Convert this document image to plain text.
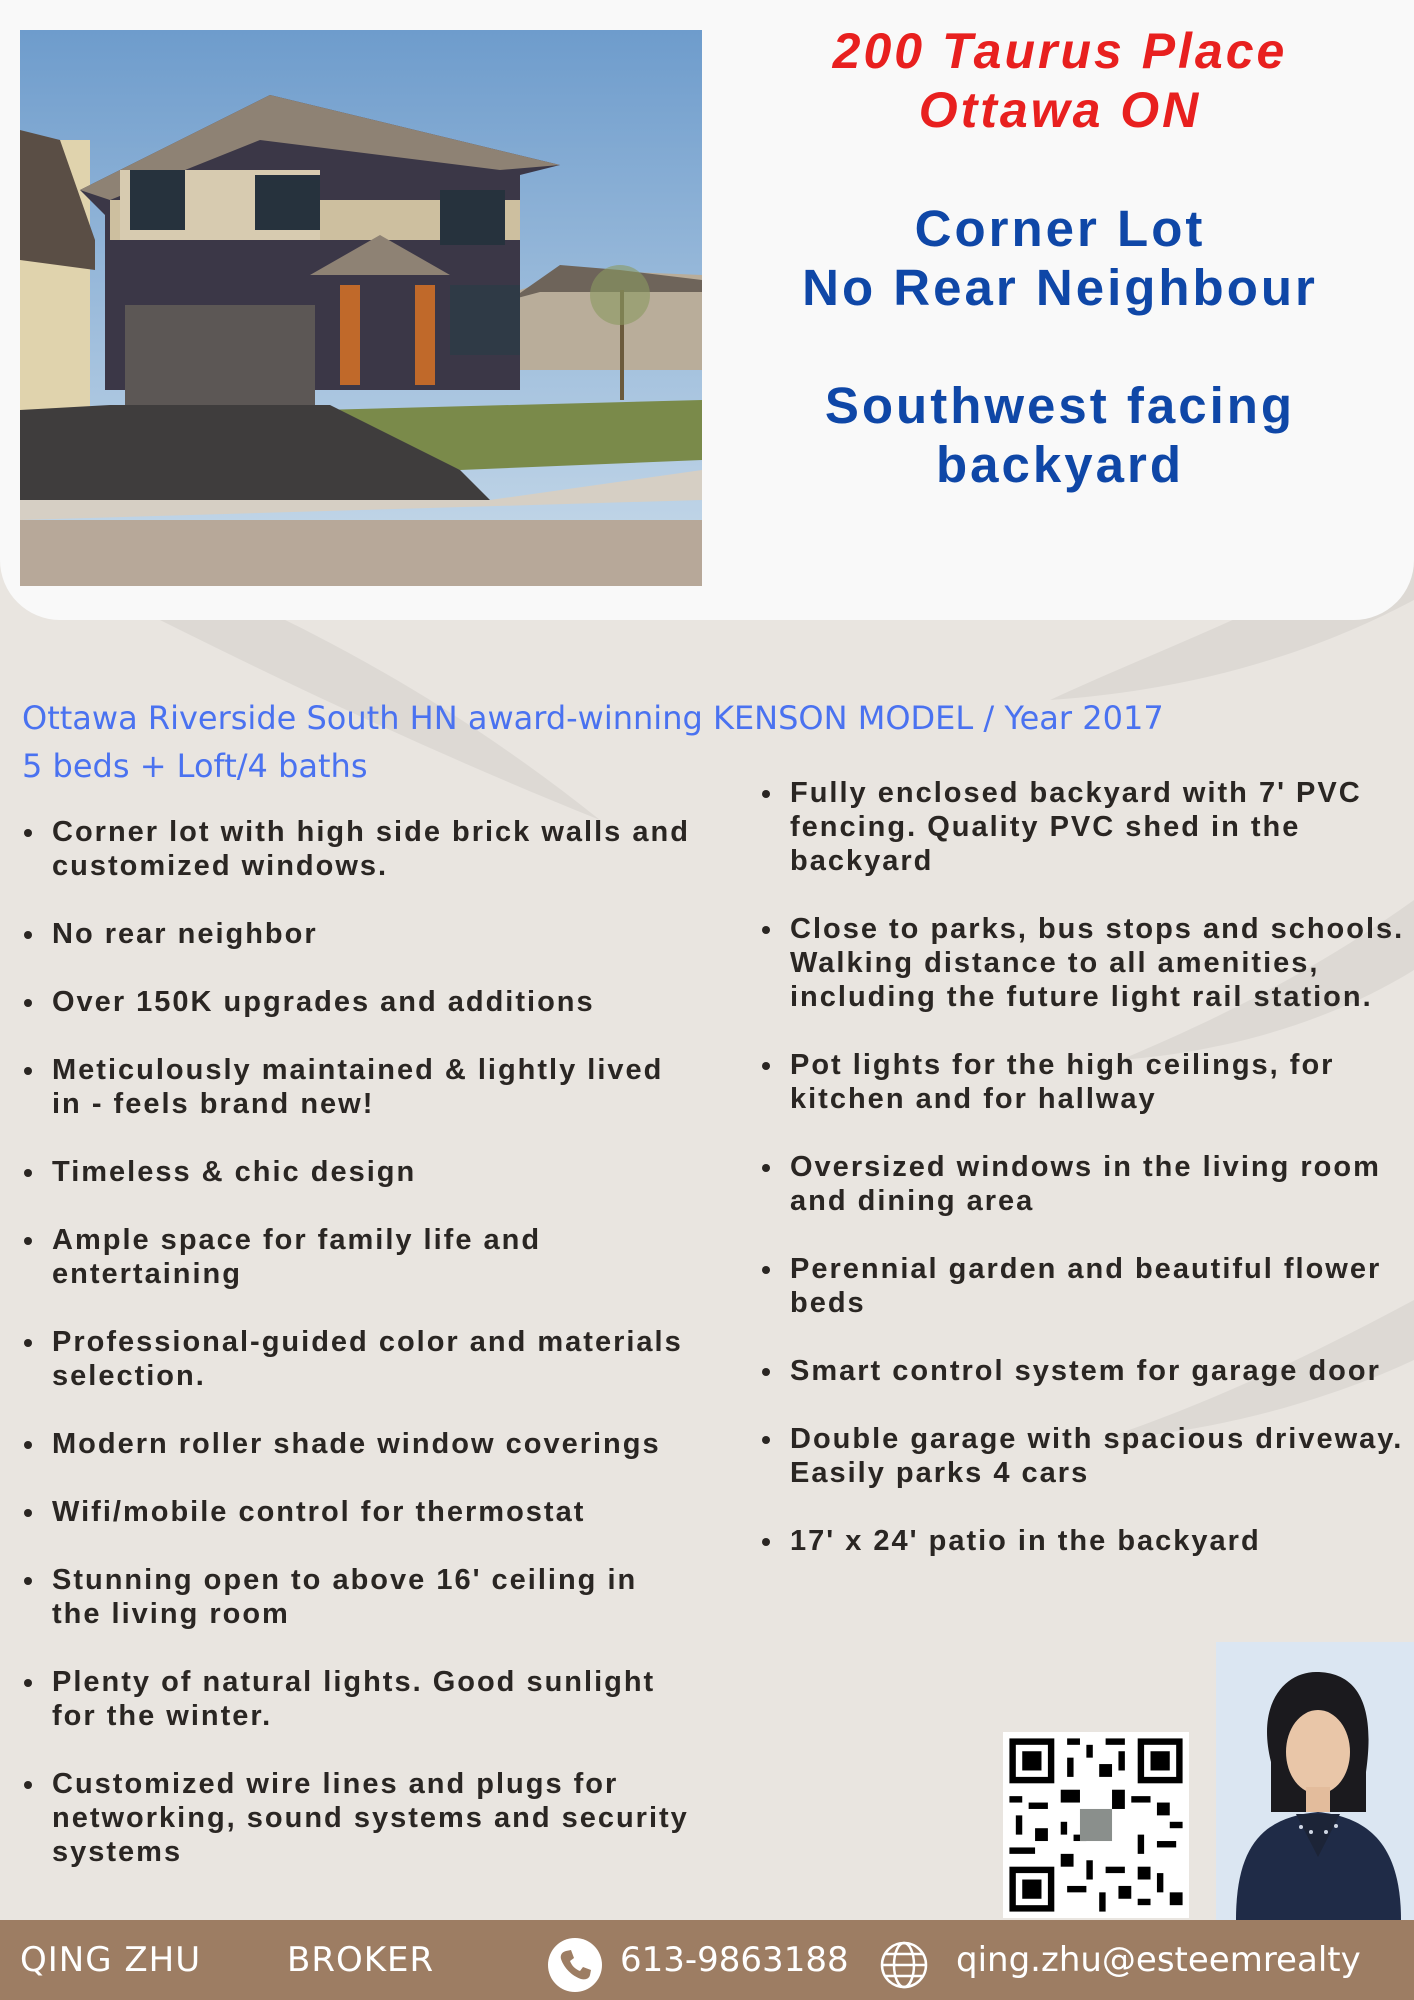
200 Taurus Place
Ottawa ON
Corner Lot
No Rear Neighbour
Southwest facing
backyard
Ottawa Riverside South HN award-winning KENSON MODEL / Year 2017
5 beds + Loft/4 baths
Corner lot with high side brick walls and customized windows.
No rear neighbor
Over 150K upgrades and additions
Meticulously maintained & lightly lived in - feels brand new!
Timeless & chic design
Ample space for family life and entertaining
Professional-guided color and materials selection.
Modern roller shade window coverings
Wifi/mobile control for thermostat
Stunning open to above 16' ceiling in the living room
Plenty of natural lights. Good sunlight for the winter.
Customized wire lines and plugs for networking, sound systems and security systems
Fully enclosed backyard with 7' PVC fencing. Quality PVC shed in the backyard
Close to parks, bus stops and schools. Walking distance to all amenities, including the future light rail station.
Pot lights for the high ceilings, for kitchen and for hallway
Oversized windows in the living room and dining area
Perennial garden and beautiful flower beds
Smart control system for garage door
Double garage with spacious driveway. Easily parks 4 cars
17' x 24' patio in the backyard
QING ZHU	BROKER	613-9863188	qing.zhu@esteemrealty
